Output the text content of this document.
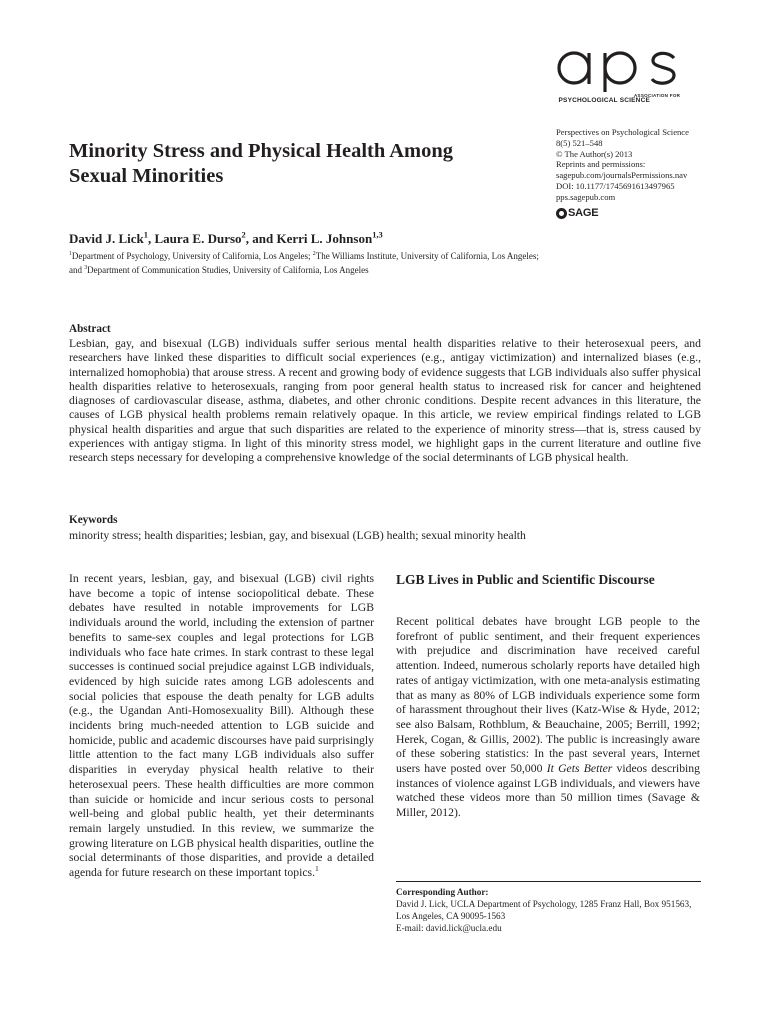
ASSOCIATION FOR
PSYCHOLOGICAL SCIENCE
Perspectives on Psychological Science
8(5) 521–548
© The Author(s) 2013
Reprints and permissions:
sagepub.com/journalsPermissions.nav
DOI: 10.1177/1745691613497965
pps.sagepub.com
SAGE
Minority Stress and Physical Health Among Sexual Minorities
David J. Lick$^1$, Laura E. Durso$^2$, and Kerri L. Johnson$^{1,3}$
$^1$Department of Psychology, University of California, Los Angeles; $^2$The Williams Institute, University of California, Los Angeles; and $^3$Department of Communication Studies, University of California, Los Angeles
Abstract
Lesbian, gay, and bisexual (LGB) individuals suffer serious mental health disparities relative to their heterosexual peers, and researchers have linked these disparities to difficult social experiences (e.g., antigay victimization) and internalized biases (e.g., internalized homophobia) that arouse stress. A recent and growing body of evidence suggests that LGB individuals also suffer physical health disparities relative to heterosexuals, ranging from poor general health status to increased risk for cancer and heightened diagnoses of cardiovascular disease, asthma, diabetes, and other chronic conditions. Despite recent advances in this literature, the causes of LGB physical health problems remain relatively opaque. In this article, we review empirical findings related to LGB physical health disparities and argue that such disparities are related to the experience of minority stress—that is, stress caused by experiences with antigay stigma. In light of this minority stress model, we highlight gaps in the current literature and outline five research steps necessary for developing a comprehensive knowledge of the social determinants of LGB physical health.
Keywords
minority stress; health disparities; lesbian, gay, and bisexual (LGB) health; sexual minority health
In recent years, lesbian, gay, and bisexual (LGB) civil rights have become a topic of intense sociopolitical debate. These debates have resulted in notable improvements for LGB individuals around the world, including the extension of partner benefits to same-sex couples and legal protections for LGB individuals who face hate crimes. In stark contrast to these legal successes is continued social prejudice against LGB individuals, evidenced by high suicide rates among LGB adolescents and social policies that espouse the death penalty for LGB adults (e.g., the Ugandan Anti-Homosexuality Bill). Although these incidents bring much-needed attention to LGB suicide and homicide, public and academic discourses have paid surprisingly little attention to the fact many LGB individuals also suffer disparities in everyday physical health relative to their heterosexual peers. These health difficulties are more common than suicide or homicide and incur serious costs to personal well-being and global public health, yet their determinants remain largely unstudied. In this review, we summarize the growing literature on LGB physical health disparities, outline the social determinants of those disparities, and provide a detailed agenda for future research on these important topics.$^1$
LGB Lives in Public and Scientific Discourse
Recent political debates have brought LGB people to the forefront of public sentiment, and their frequent experiences with prejudice and discrimination have received careful attention. Indeed, numerous scholarly reports have detailed high rates of antigay victimization, with one meta-analysis estimating that as many as 80% of LGB individuals experience some form of harassment throughout their lives (Katz-Wise & Hyde, 2012; see also Balsam, Rothblum, & Beauchaine, 2005; Berrill, 1992; Herek, Cogan, & Gillis, 2002). The public is increasingly aware of these sobering statistics: In the past several years, Internet users have posted over 50,000 It Gets Better videos describing instances of violence against LGB individuals, and viewers have watched these videos more than 50 million times (Savage & Miller, 2012).
Corresponding Author:
David J. Lick, UCLA Department of Psychology, 1285 Franz Hall, Box 951563, Los Angeles, CA 90095-1563
E-mail: david.lick@ucla.edu
